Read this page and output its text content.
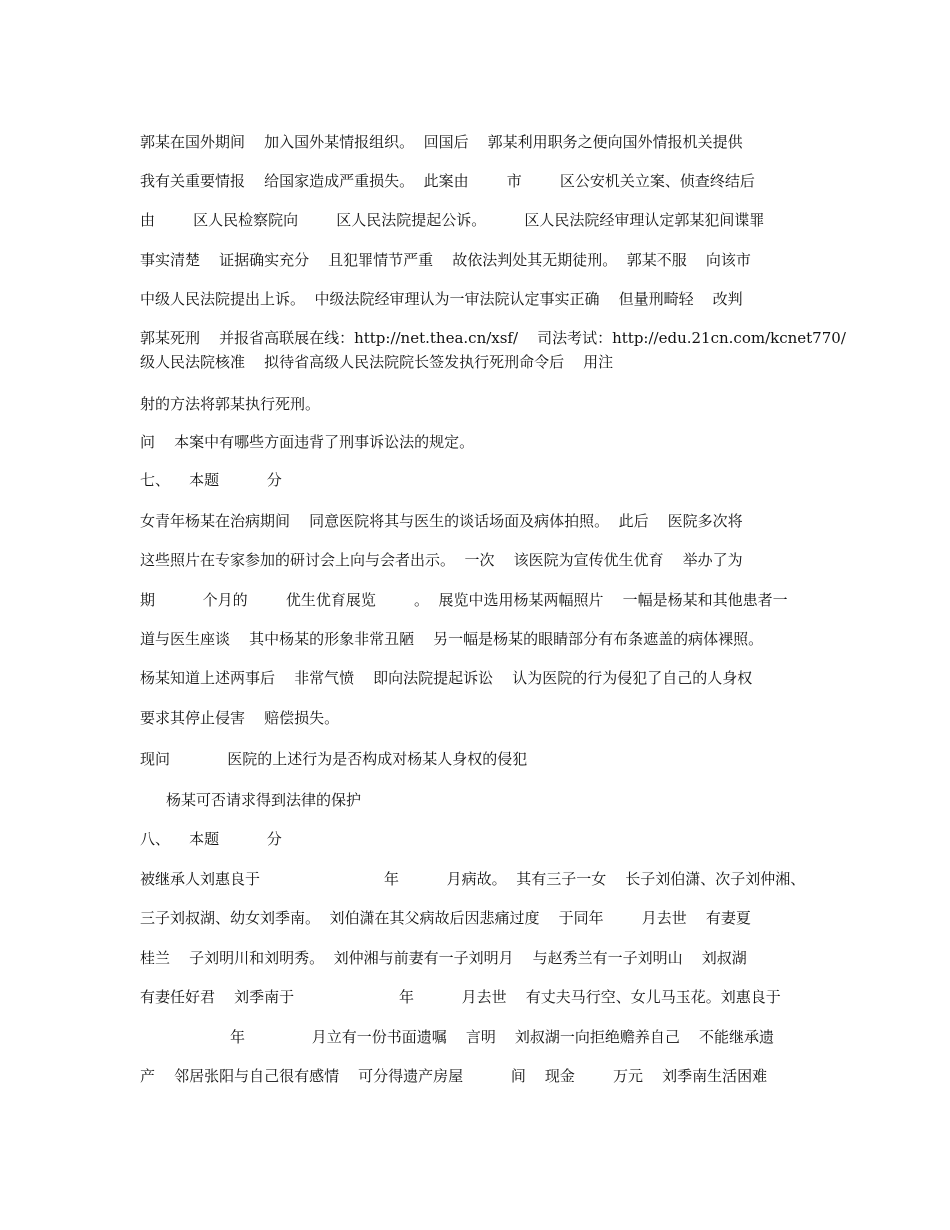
郭某在国外期间    加入国外某情报组织。  回国后    郭某利用职务之便向国外情报机关提供
我有关重要情报    给国家造成严重损失。  此案由        市        区公安机关立案、侦查终结后
由        区人民检察院向        区人民法院提起公诉。        区人民法院经审理认定郭某犯间谍罪
事实清楚    证据确实充分    且犯罪情节严重    故依法判处其无期徒刑。  郭某不服    向该市
中级人民法院提出上诉。  中级法院经审理认为一审法院认定事实正确    但量刑畸轻    改判
郭某死刑    并报省高联展在线：http://net.thea.cn/xsf/    司法考试：http://edu.21cn.com/kcnet770/
级人民法院核准    拟待省高级人民法院院长签发执行死刑命令后    用注
射的方法将郭某执行死刑。
问    本案中有哪些方面违背了刑事诉讼法的规定。
七、    本题          分
女青年杨某在治病期间    同意医院将其与医生的谈话场面及病体拍照。  此后    医院多次将
这些照片在专家参加的研讨会上向与会者出示。  一次    该医院为宣传优生优育    举办了为
期          个月的        优生优育展览        。  展览中选用杨某两幅照片    一幅是杨某和其他患者一
道与医生座谈    其中杨某的形象非常丑陋    另一幅是杨某的眼睛部分有布条遮盖的病体裸照。
杨某知道上述两事后    非常气愤    即向法院提起诉讼    认为医院的行为侵犯了自己的人身权
要求其停止侵害    赔偿损失。
现问            医院的上述行为是否构成对杨某人身权的侵犯
杨某可否请求得到法律的保护
八、    本题          分
被继承人刘惠良于                          年          月病故。  其有三子一女    长子刘伯潇、次子刘仲湘、
三子刘叔湖、幼女刘季南。  刘伯潇在其父病故后因悲痛过度    于同年        月去世    有妻夏
桂兰    子刘明川和刘明秀。  刘仲湘与前妻有一子刘明月    与赵秀兰有一子刘明山    刘叔湖
有妻任好君    刘季南于                      年          月去世    有丈夫马行空、女儿马玉花。刘惠良于
年              月立有一份书面遗嘱    言明    刘叔湖一向拒绝赡养自己    不能继承遗
产    邻居张阳与自己很有感情    可分得遗产房屋          间    现金        万元    刘季南生活困难
